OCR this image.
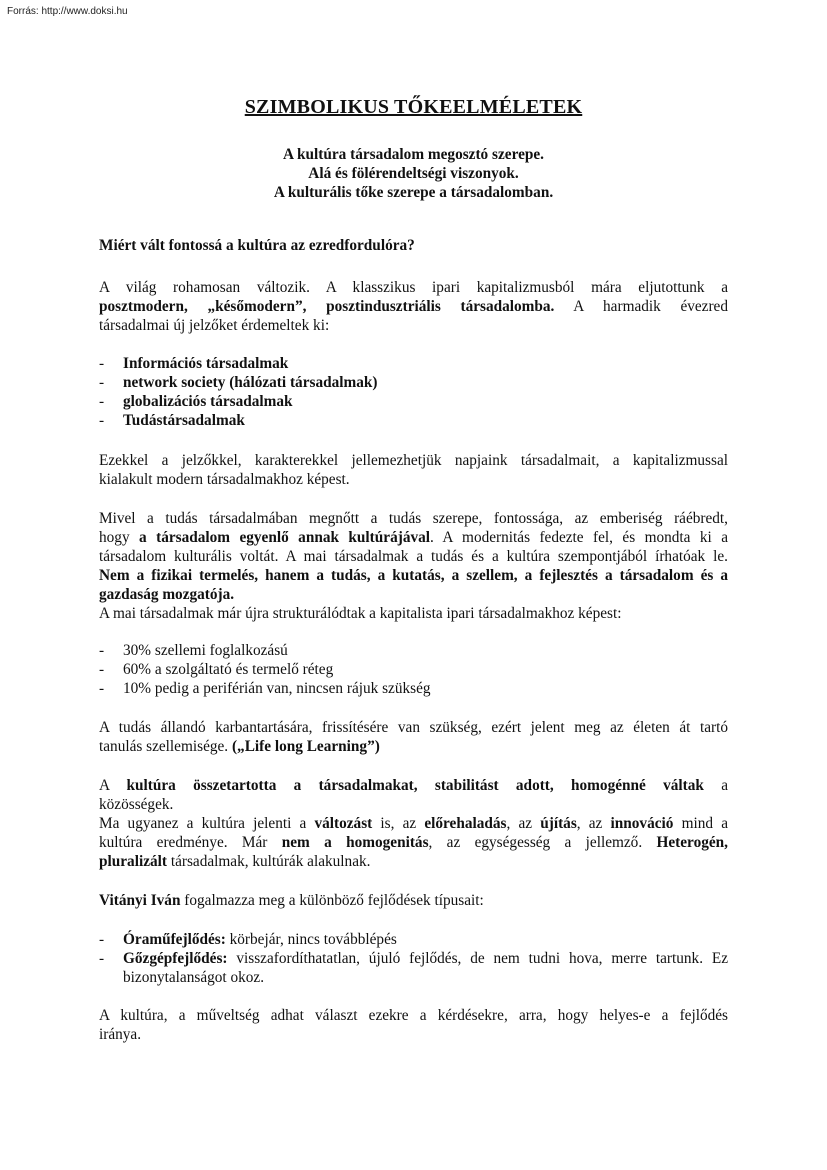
Forrás: http://www.doksi.hu
SZIMBOLIKUS TŐKEELMÉLETEK
A kultúra társadalom megosztó szerepe.
Alá és fölérendeltségi viszonyok.
A kulturális tőke szerepe a társadalomban.
Miért vált fontossá a kultúra az ezredfordulóra?

A világ rohamosan változik. A klasszikus ipari kapitalizmusból mára eljutottunk a

posztmodern, „későmodern”, posztindusztriális társadalomba. A harmadik évezred

társadalmai új jelzőket érdemeltek ki:

- Információs társadalmak
- network society (hálózati társadalmak)
- globalizációs társadalmak
- Tudástársadalmak

Ezekkel a jelzőkkel, karakterekkel jellemezhetjük napjaink társadalmait, a kapitalizmussal

kialakult modern társadalmakhoz képest.

Mivel a tudás társadalmában megnőtt a tudás szerepe, fontossága, az emberiség ráébredt,

hogy a társadalom egyenlő annak kultúrájával. A modernitás fedezte fel, és mondta ki a

társadalom kulturális voltát. A mai társadalmak a tudás és a kultúra szempontjából írhatóak le.

Nem a fizikai termelés, hanem a tudás, a kutatás, a szellem, a fejlesztés a társadalom és a

gazdaság mozgatója.

A mai társadalmak már újra strukturálódtak a kapitalista ipari társadalmakhoz képest:

- 30% szellemi foglalkozású
- 60% a szolgáltató és termelő réteg
- 10% pedig a periférián van, nincsen rájuk szükség

A tudás állandó karbantartására, frissítésére van szükség, ezért jelent meg az életen át tartó

tanulás szellemisége. („Life long Learning”)

A kultúra összetartotta a társadalmakat, stabilitást adott, homogénné váltak a

közösségek.

Ma ugyanez a kultúra jelenti a változást is, az előrehaladás, az újítás, az innováció mind a

kultúra eredménye. Már nem a homogenitás, az egységesség a jellemző. Heterogén,

pluralizált társadalmak, kultúrák alakulnak.

Vitányi Iván fogalmazza meg a különböző fejlődések típusait:

- Óraműfejlődés: körbejár, nincs továbblépés
- Gőzgépfejlődés: visszafordíthatatlan, újuló fejlődés, de nem tudni hova, merre tartunk. Ez bizonytalanságot okoz.

A kultúra, a műveltség adhat választ ezekre a kérdésekre, arra, hogy helyes-e a fejlődés

iránya.
